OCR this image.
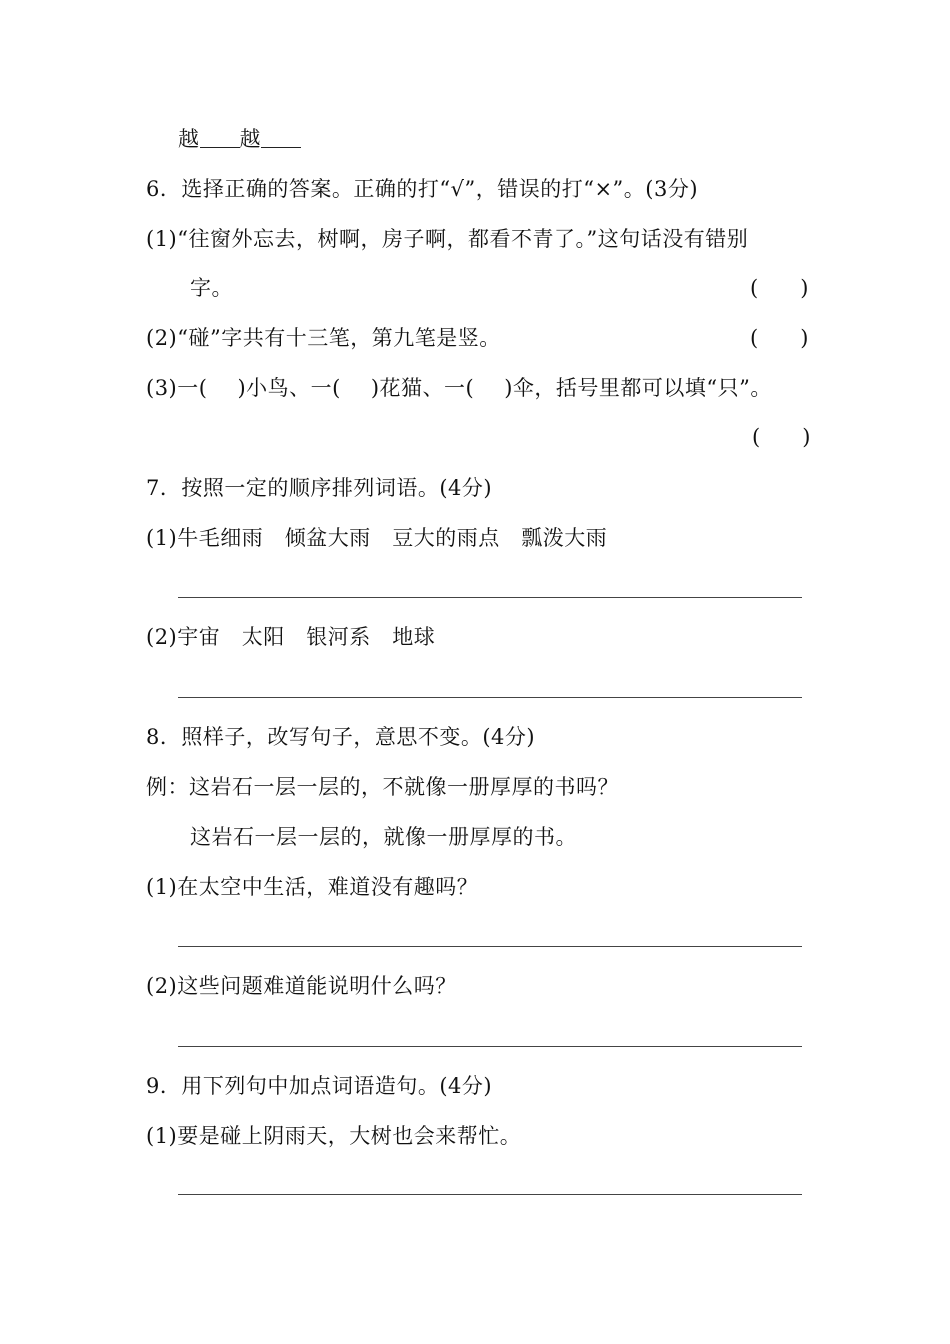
越 越
6．选择正确的答案。正确的打“√”，错误的打“×”。(3分)
(1)“往窗外忘去，树啊，房子啊，都看不青了。”这句话没有错别
字。	(　　)
(2)“碰”字共有十三笔，第九笔是竖。	(　　)
(3)一( )小鸟、一( )花猫、一( )伞，括号里都可以填“只”。
(　　)
7．按照一定的顺序排列词语。(4分)
(1)牛毛细雨　倾盆大雨　豆大的雨点　瓢泼大雨
(2)宇宙　太阳　银河系　地球
8．照样子，改写句子，意思不变。(4分)
例：这岩石一层一层的，不就像一册厚厚的书吗？
这岩石一层一层的，就像一册厚厚的书。
(1)在太空中生活，难道没有趣吗？
(2)这些问题难道能说明什么吗？
9．用下列句中加点词语造句。(4分)
(1)要是碰上阴雨天，大树也会来帮忙。
